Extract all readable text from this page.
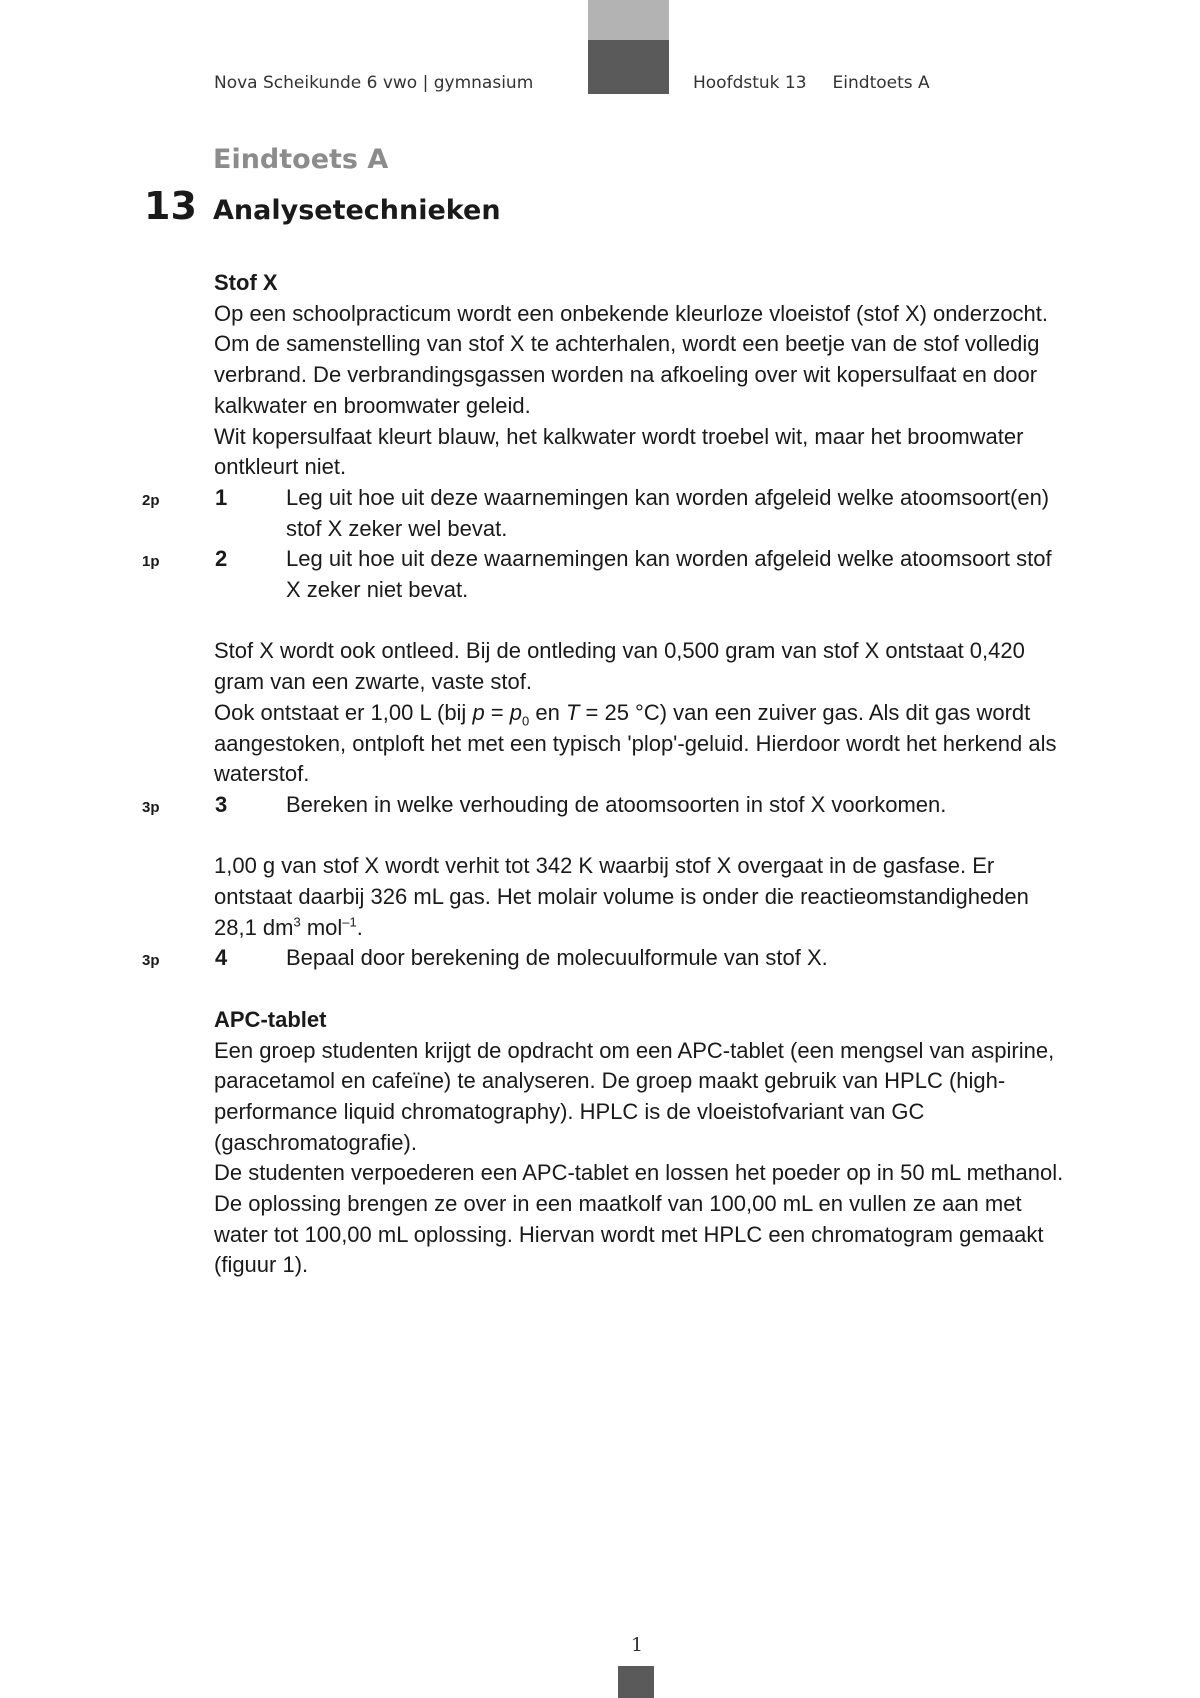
Nova Scheikunde 6 vwo | gymnasium	Hoofdstuk 13 Eindtoets A
Eindtoets A
13 Analysetechnieken
Stof X

Op een schoolpracticum wordt een onbekende kleurloze vloeistof (stof X) onderzocht. Om de samenstelling van stof X te achterhalen, wordt een beetje van de stof volledig verbrand. De verbrandingsgassen worden na afkoeling over wit kopersulfaat en door kalkwater en broomwater geleid.

Wit kopersulfaat kleurt blauw, het kalkwater wordt troebel wit, maar het broomwater ontkleurt niet.

2p	1	Leg uit hoe uit deze waarnemingen kan worden afgeleid welke atoomsoort(en) stof X zeker wel bevat.
1p	2	Leg uit hoe uit deze waarnemingen kan worden afgeleid welke atoomsoort stof X zeker niet bevat.

Stof X wordt ook ontleed. Bij de ontleding van 0,500 gram van stof X ontstaat 0,420 gram van een zwarte, vaste stof.

Ook ontstaat er 1,00 L (bij $p = p_0$ en T = 25 °C) van een zuiver gas. Als dit gas wordt aangestoken, ontploft het met een typisch 'plop'-geluid. Hierdoor wordt het herkend als waterstof.

3p	3	Bereken in welke verhouding de atoomsoorten in stof X voorkomen.

1,00 g van stof X wordt verhit tot 342 K waarbij stof X overgaat in de gasfase. Er ontstaat daarbij 326 mL gas. Het molair volume is onder die reactieomstandigheden 28,1 $dm^3$ mol$^{-1}$.

3p	4	Bepaal door berekening de molecuulformule van stof X.
APC-tablet

Een groep studenten krijgt de opdracht om een APC-tablet (een mengsel van aspirine, paracetamol en cafeïne) te analyseren. De groep maakt gebruik van HPLC (high-performance liquid chromatography). HPLC is de vloeistofvariant van GC (gaschromatografie).

De studenten verpoederen een APC-tablet en lossen het poeder op in 50 mL methanol. De oplossing brengen ze over in een maatkolf van 100,00 mL en vullen ze aan met water tot 100,00 mL oplossing. Hiervan wordt met HPLC een chromatogram gemaakt (figuur 1).

1
